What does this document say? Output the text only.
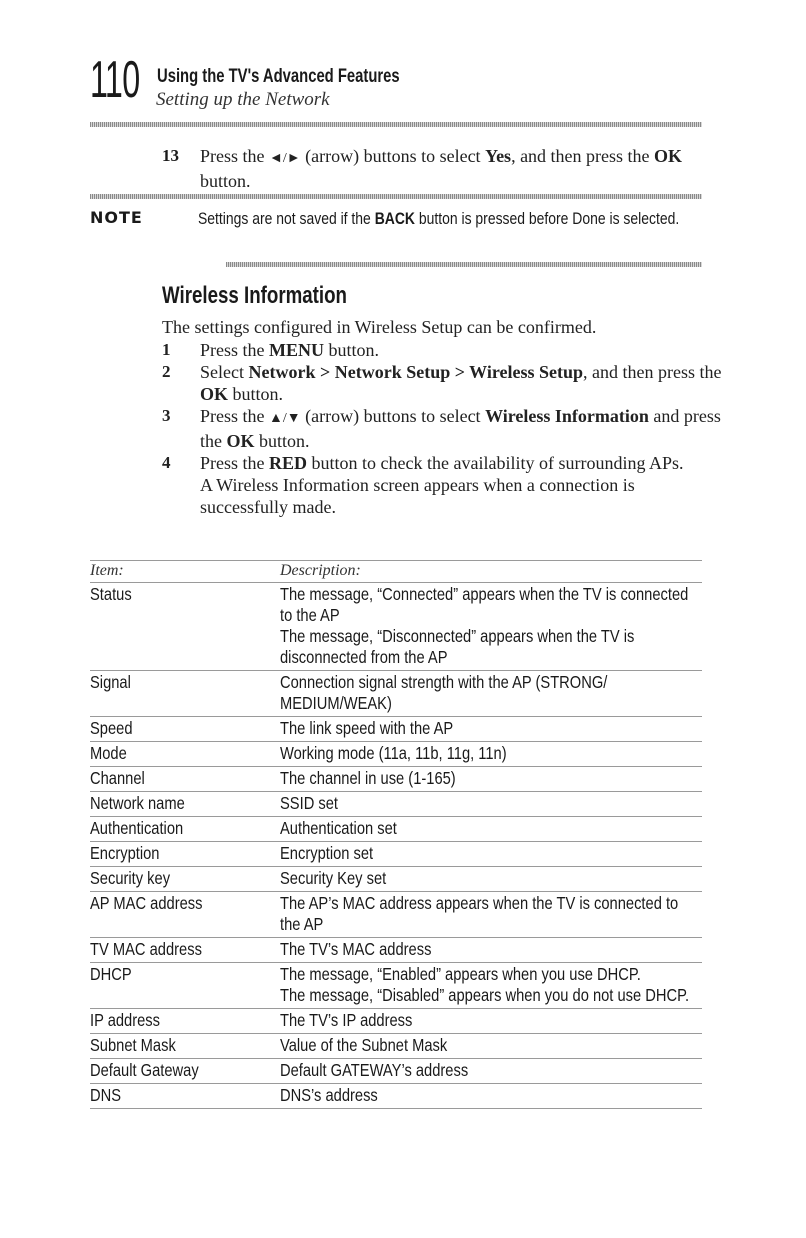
110 Using the TV's Advanced Features
Setting up the Network
13	Press the ◄/► (arrow) buttons to select Yes, and then press the OK button.
NOTE	Settings are not saved if the BACK button is pressed before Done is selected.
Wireless Information
The settings configured in Wireless Setup can be confirmed.
1	Press the MENU button.
2	Select Network > Network Setup > Wireless Setup, and then press the OK button.
3	Press the ▲/▼ (arrow) buttons to select Wireless Information and press the OK button.
4	Press the RED button to check the availability of surrounding APs.
A Wireless Information screen appears when a connection is successfully made.
Item:	Description:
Status	The message, “Connected” appears when the TV is connected to the AP
The message, “Disconnected” appears when the TV is disconnected from the AP
Signal	Connection signal strength with the AP (STRONG/ MEDIUM/WEAK)
Speed	The link speed with the AP
Mode	Working mode (11a, 11b, 11g, 11n)
Channel	The channel in use (1-165)
Network name	SSID set
Authentication	Authentication set
Encryption	Encryption set
Security key	Security Key set
AP MAC address	The AP’s MAC address appears when the TV is connected to the AP
TV MAC address	The TV’s MAC address
DHCP	The message, “Enabled” appears when you use DHCP.
The message, “Disabled” appears when you do not use DHCP.
IP address	The TV’s IP address
Subnet Mask	Value of the Subnet Mask
Default Gateway	Default GATEWAY’s address
DNS	DNS’s address
